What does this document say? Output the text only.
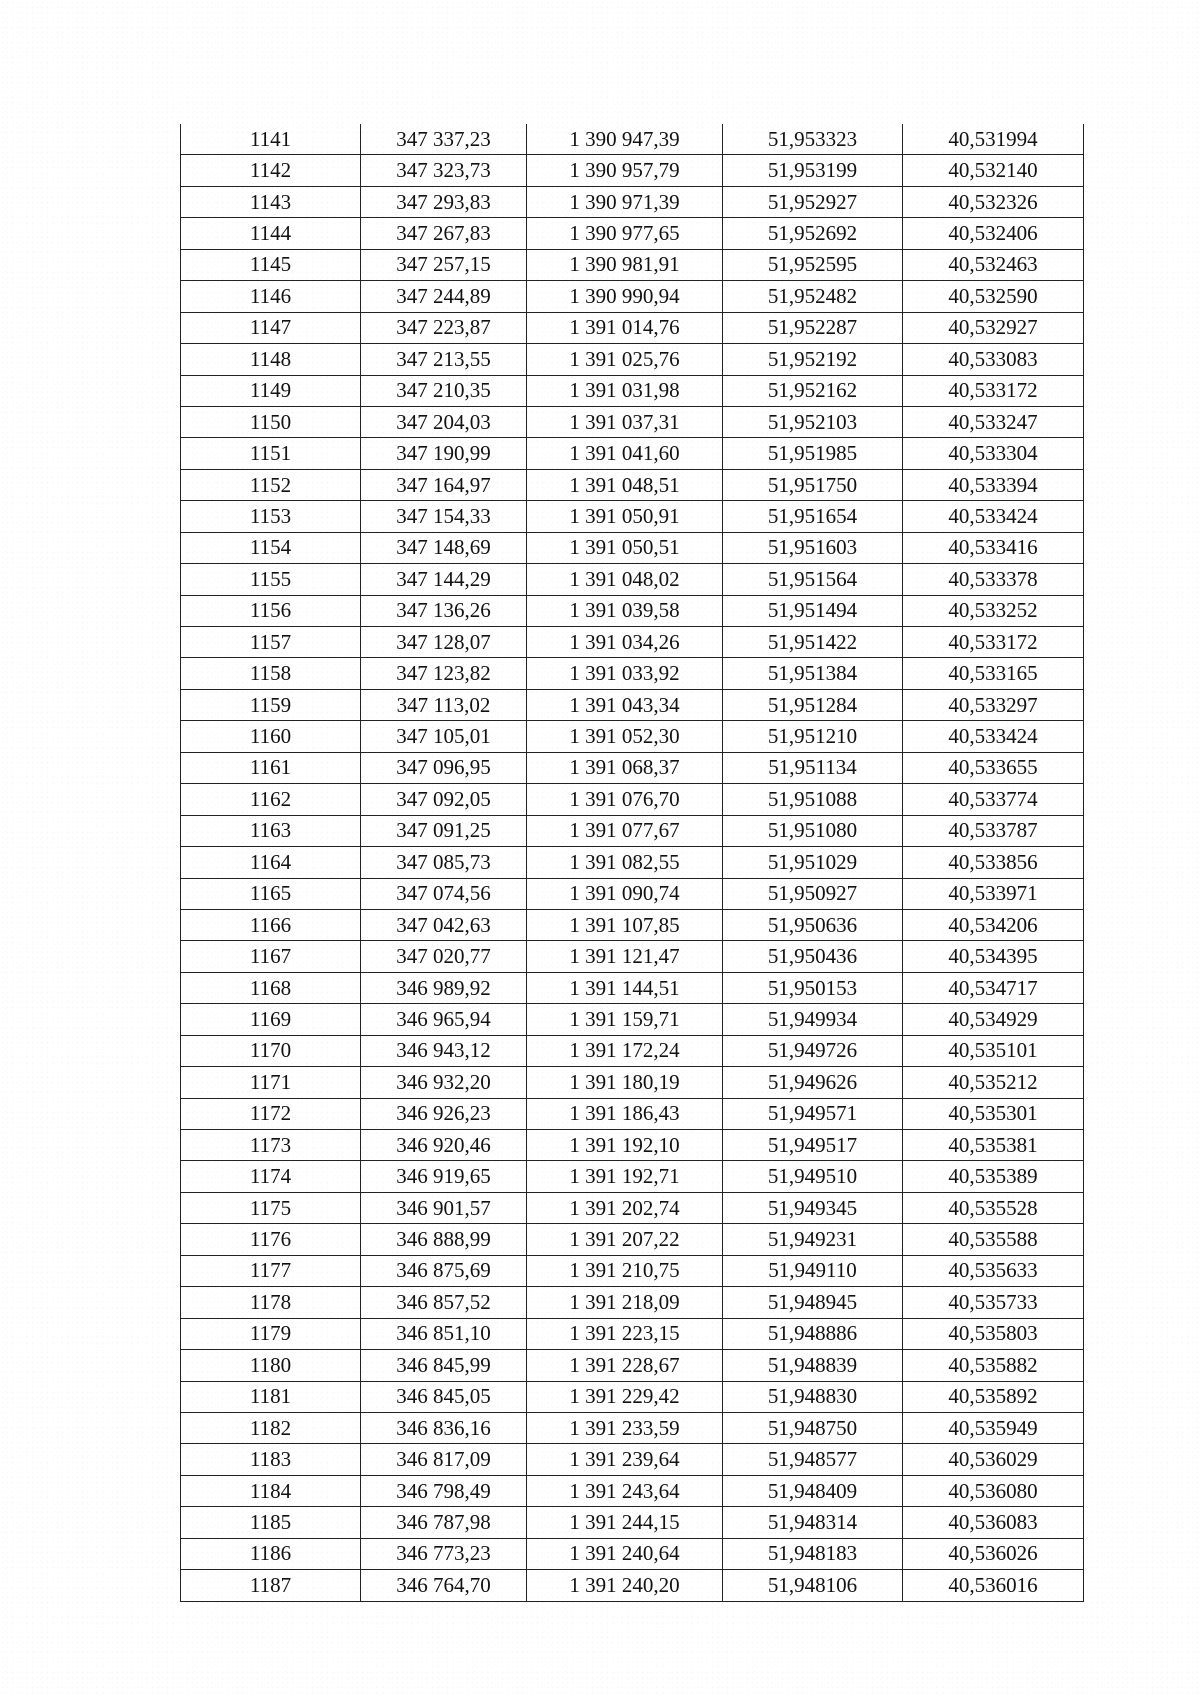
1141	347 337,23	1 390 947,39	51,953323	40,531994
1142	347 323,73	1 390 957,79	51,953199	40,532140
1143	347 293,83	1 390 971,39	51,952927	40,532326
1144	347 267,83	1 390 977,65	51,952692	40,532406
1145	347 257,15	1 390 981,91	51,952595	40,532463
1146	347 244,89	1 390 990,94	51,952482	40,532590
1147	347 223,87	1 391 014,76	51,952287	40,532927
1148	347 213,55	1 391 025,76	51,952192	40,533083
1149	347 210,35	1 391 031,98	51,952162	40,533172
1150	347 204,03	1 391 037,31	51,952103	40,533247
1151	347 190,99	1 391 041,60	51,951985	40,533304
1152	347 164,97	1 391 048,51	51,951750	40,533394
1153	347 154,33	1 391 050,91	51,951654	40,533424
1154	347 148,69	1 391 050,51	51,951603	40,533416
1155	347 144,29	1 391 048,02	51,951564	40,533378
1156	347 136,26	1 391 039,58	51,951494	40,533252
1157	347 128,07	1 391 034,26	51,951422	40,533172
1158	347 123,82	1 391 033,92	51,951384	40,533165
1159	347 113,02	1 391 043,34	51,951284	40,533297
1160	347 105,01	1 391 052,30	51,951210	40,533424
1161	347 096,95	1 391 068,37	51,951134	40,533655
1162	347 092,05	1 391 076,70	51,951088	40,533774
1163	347 091,25	1 391 077,67	51,951080	40,533787
1164	347 085,73	1 391 082,55	51,951029	40,533856
1165	347 074,56	1 391 090,74	51,950927	40,533971
1166	347 042,63	1 391 107,85	51,950636	40,534206
1167	347 020,77	1 391 121,47	51,950436	40,534395
1168	346 989,92	1 391 144,51	51,950153	40,534717
1169	346 965,94	1 391 159,71	51,949934	40,534929
1170	346 943,12	1 391 172,24	51,949726	40,535101
1171	346 932,20	1 391 180,19	51,949626	40,535212
1172	346 926,23	1 391 186,43	51,949571	40,535301
1173	346 920,46	1 391 192,10	51,949517	40,535381
1174	346 919,65	1 391 192,71	51,949510	40,535389
1175	346 901,57	1 391 202,74	51,949345	40,535528
1176	346 888,99	1 391 207,22	51,949231	40,535588
1177	346 875,69	1 391 210,75	51,949110	40,535633
1178	346 857,52	1 391 218,09	51,948945	40,535733
1179	346 851,10	1 391 223,15	51,948886	40,535803
1180	346 845,99	1 391 228,67	51,948839	40,535882
1181	346 845,05	1 391 229,42	51,948830	40,535892
1182	346 836,16	1 391 233,59	51,948750	40,535949
1183	346 817,09	1 391 239,64	51,948577	40,536029
1184	346 798,49	1 391 243,64	51,948409	40,536080
1185	346 787,98	1 391 244,15	51,948314	40,536083
1186	346 773,23	1 391 240,64	51,948183	40,536026
1187	346 764,70	1 391 240,20	51,948106	40,536016
